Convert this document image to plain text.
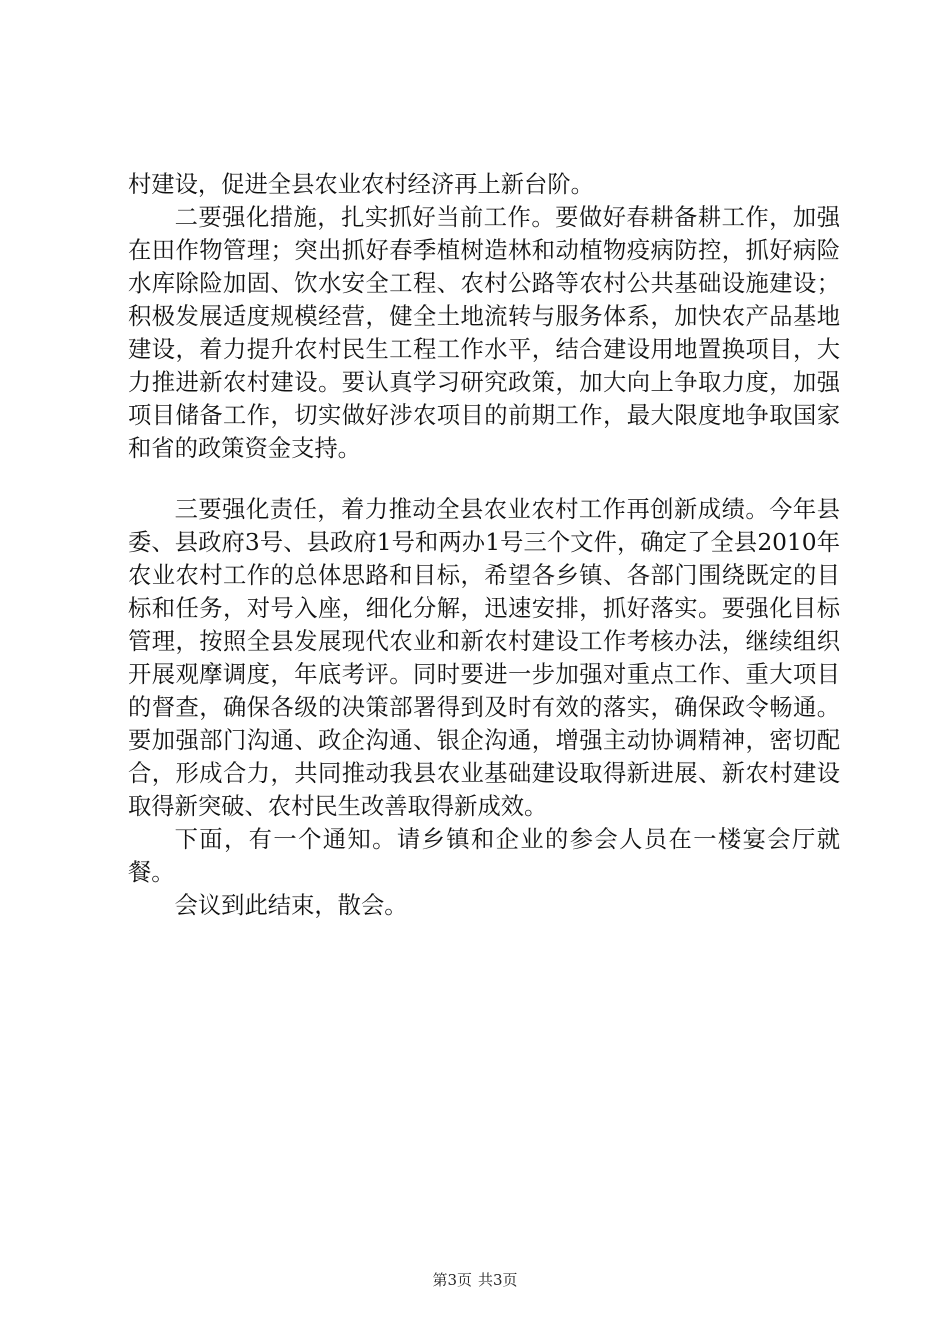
村建设，促进全县农业农村经济再上新台阶。

二要强化措施，扎实抓好当前工作。要做好春耕备耕工作，加强在田作物管理；突出抓好春季植树造林和动植物疫病防控，抓好病险水库除险加固、饮水安全工程、农村公路等农村公共基础设施建设；积极发展适度规模经营，健全土地流转与服务体系，加快农产品基地建设，着力提升农村民生工程工作水平，结合建设用地置换项目，大力推进新农村建设。要认真学习研究政策，加大向上争取力度，加强项目储备工作，切实做好涉农项目的前期工作，最大限度地争取国家和省的政策资金支持。

三要强化责任，着力推动全县农业农村工作再创新成绩。今年县委、县政府3号、县政府1号和两办1号三个文件，确定了全县2010年农业农村工作的总体思路和目标，希望各乡镇、各部门围绕既定的目标和任务，对号入座，细化分解，迅速安排，抓好落实。要强化目标管理，按照全县发展现代农业和新农村建设工作考核办法，继续组织开展观摩调度，年底考评。同时要进一步加强对重点工作、重大项目的督查，确保各级的决策部署得到及时有效的落实，确保政令畅通。要加强部门沟通、政企沟通、银企沟通，增强主动协调精神，密切配合，形成合力，共同推动我县农业基础建设取得新进展、新农村建设取得新突破、农村民生改善取得新成效。

下面，有一个通知。请乡镇和企业的参会人员在一楼宴会厅就餐。

会议到此结束，散会。

第3页 共3页
